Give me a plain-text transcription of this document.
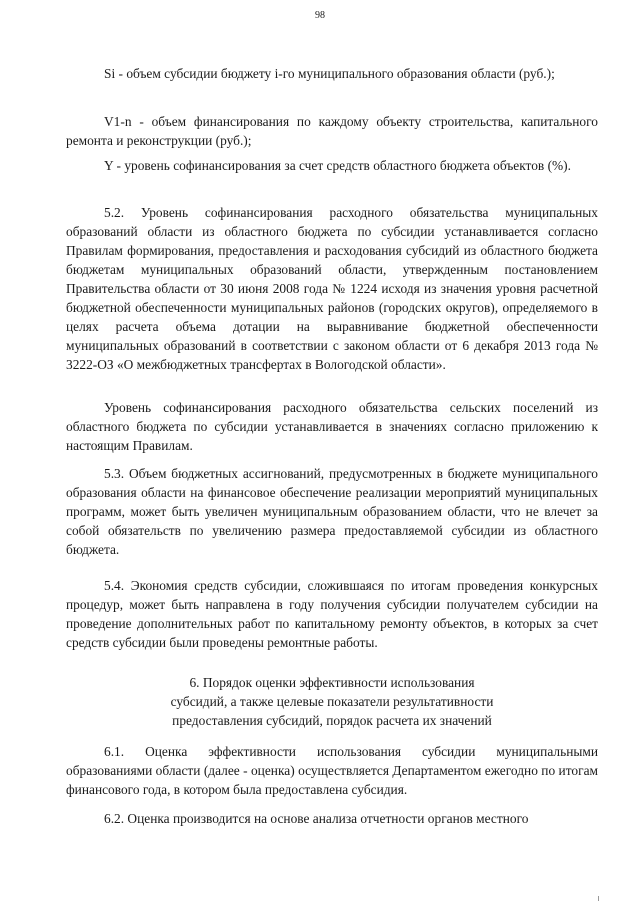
98

Si - объем субсидии бюджету i-го муниципального образования области (руб.);

V1-n - объем финансирования по каждому объекту строительства, капитального ремонта и реконструкции (руб.);

Y - уровень софинансирования за счет средств областного бюджета объектов (%).

5.2. Уровень софинансирования расходного обязательства муниципальных образований области из областного бюджета по субсидии устанавливается согласно Правилам формирования, предоставления и расходования субсидий из областного бюджета бюджетам муниципальных образований области, утвержденным постановлением Правительства области от 30 июня 2008 года № 1224 исходя из значения уровня расчетной бюджетной обеспеченности муниципальных районов (городских округов), определяемого в целях расчета объема дотации на выравнивание бюджетной обеспеченности муниципальных образований в соответствии с законом области от 6 декабря 2013 года № 3222-ОЗ «О межбюджетных трансфертах в Вологодской области».

Уровень софинансирования расходного обязательства сельских поселений из областного бюджета по субсидии устанавливается в значениях согласно приложению к настоящим Правилам.

5.3. Объем бюджетных ассигнований, предусмотренных в бюджете муниципального образования области на финансовое обеспечение реализации мероприятий муниципальных программ, может быть увеличен муниципальным образованием области, что не влечет за собой обязательств по увеличению размера предоставляемой субсидии из областного бюджета.

5.4. Экономия средств субсидии, сложившаяся по итогам проведения конкурсных процедур, может быть направлена в году получения субсидии получателем субсидии на проведение дополнительных работ по капитальному ремонту объектов, в которых за счет средств субсидии были проведены ремонтные работы.

6. Порядок оценки эффективности использования
субсидий, а также целевые показатели результативности
предоставления субсидий, порядок расчета их значений

6.1. Оценка эффективности использования субсидии муниципальными образованиями области (далее - оценка) осуществляется Департаментом ежегодно по итогам финансового года, в котором была предоставлена субсидия.

6.2. Оценка производится на основе анализа отчетности органов местного
